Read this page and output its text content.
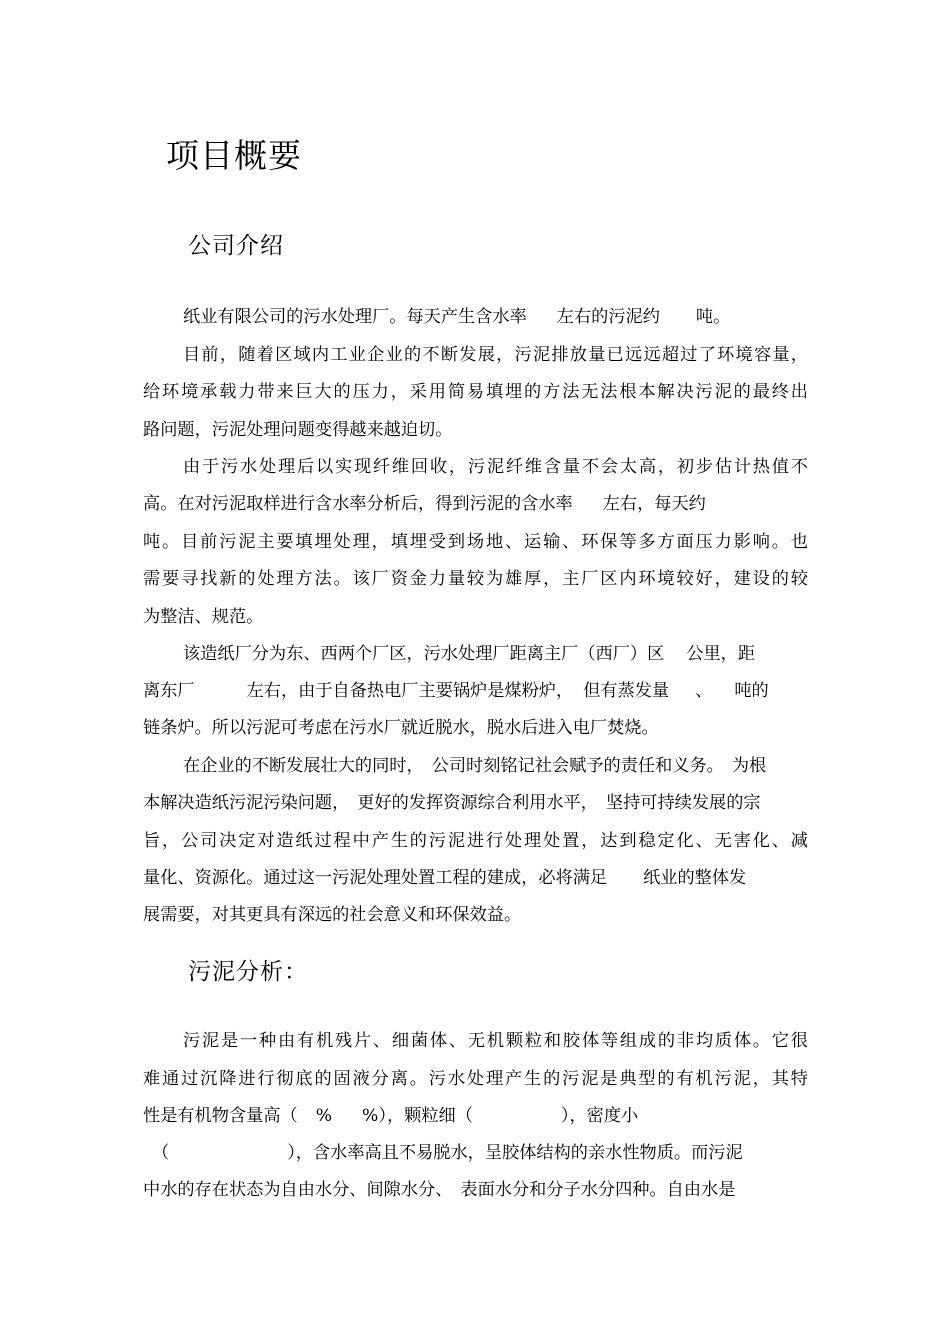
项目概要
公司介绍
纸业有限公司的污水处理厂。每天产生含水率 左右的污泥约 吨。
目前，随着区域内工业企业的不断发展，污泥排放量已远远超过了环境容量，
给环境承载力带来巨大的压力，采用简易填埋的方法无法根本解决污泥的最终出
路问题，污泥处理问题变得越来越迫切。
由于污水处理后以实现纤维回收，污泥纤维含量不会太高，初步估计热值不
高。在对污泥取样进行含水率分析后，得到污泥的含水率 左右，每天约
吨。目前污泥主要填埋处理，填埋受到场地、运输、环保等多方面压力影响。也
需要寻找新的处理方法。该厂资金力量较为雄厚，主厂区内环境较好，建设的较
为整洁、规范。
该造纸厂分为东、西两个厂区，污水处理厂距离主厂（西厂）区 公里，距
离东厂	左右，由于自备热电厂主要锅炉是煤粉炉， 但有蒸发量 、 吨的
链条炉。所以污泥可考虑在污水厂就近脱水，脱水后进入电厂焚烧。
在企业的不断发展壮大的同时， 公司时刻铭记社会赋予的责任和义务。 为根
本解决造纸污泥污染问题， 更好的发挥资源综合利用水平， 坚持可持续发展的宗
旨，公司决定对造纸过程中产生的污泥进行处理处置，达到稳定化、无害化、减
量化、资源化。通过这一污泥处理处置工程的建成，必将满足 纸业的整体发
展需要，对其更具有深远的社会意义和环保效益。
污泥分析：
污泥是一种由有机残片、细菌体、无机颗粒和胶体等组成的非均质体。它很
难通过沉降进行彻底的固液分离。污水处理产生的污泥是典型的有机污泥，其特
性是有机物含量高（ % %），颗粒细（	），密度小
（	），含水率高且不易脱水，呈胶体结构的亲水性物质。而污泥
中水的存在状态为自由水分、间隙水分、 表面水分和分子水分四种。自由水是
